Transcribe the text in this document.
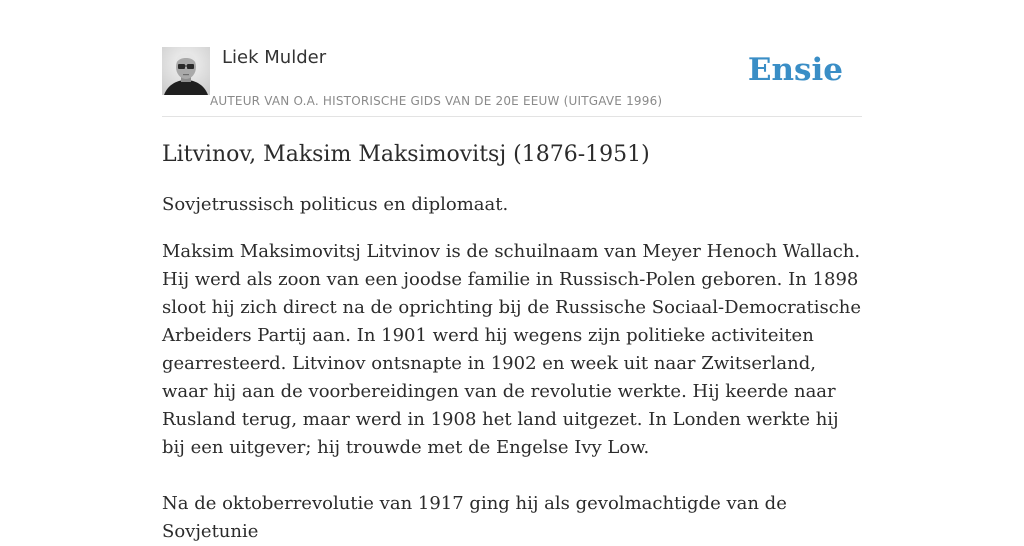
Liek Mulder
AUTEUR VAN O.A. HISTORISCHE GIDS VAN DE 20E EEUW (UITGAVE 1996)
Ensie
Litvinov, Maksim Maksimovitsj (1876-1951)

Sovjetrussisch politicus en diplomaat.

Maksim Maksimovitsj Litvinov is de schuilnaam van Meyer Henoch Wallach. Hij werd als zoon van een joodse familie in Russisch-Polen geboren. In 1898 sloot hij zich direct na de oprichting bij de Russische Sociaal-Democratische Arbeiders Partij aan. In 1901 werd hij wegens zijn politieke activiteiten gearresteerd. Litvinov ontsnapte in 1902 en week uit naar Zwitserland, waar hij aan de voorbereidingen van de revolutie werkte. Hij keerde naar Rusland terug, maar werd in 1908 het land uitgezet. In Londen werkte hij bij een uitgever; hij trouwde met de Engelse Ivy Low.

Na de oktoberrevolutie van 1917 ging hij als gevolmachtigde van de Sovjetunie
